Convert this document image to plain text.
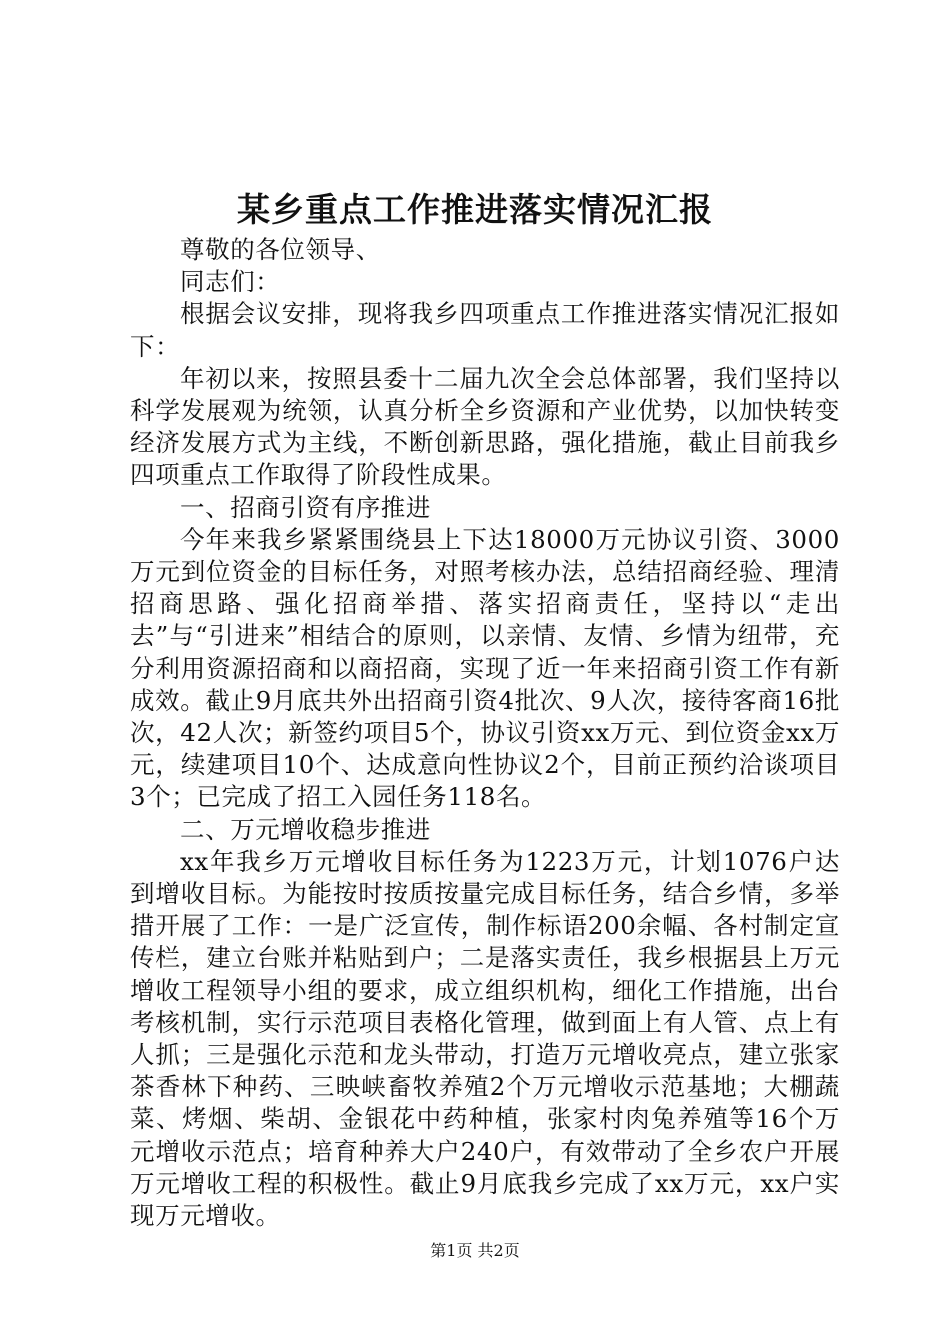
某乡重点工作推进落实情况汇报

尊敬的各位领导、

同志们：

根据会议安排，现将我乡四项重点工作推进落实情况汇报如下：

年初以来，按照县委十二届九次全会总体部署，我们坚持以科学发展观为统领，认真分析全乡资源和产业优势，以加快转变经济发展方式为主线，不断创新思路，强化措施，截止目前我乡四项重点工作取得了阶段性成果。

一、招商引资有序推进

今年来我乡紧紧围绕县上下达18000万元协议引资、3000万元到位资金的目标任务，对照考核办法，总结招商经验、理清招商思路、强化招商举措、落实招商责任，坚持以“走出去”与“引进来”相结合的原则，以亲情、友情、乡情为纽带，充分利用资源招商和以商招商，实现了近一年来招商引资工作有新成效。截止9月底共外出招商引资4批次、9人次，接待客商16批次，42人次；新签约项目5个，协议引资xx万元、到位资金xx万元，续建项目10个、达成意向性协议2个，目前正预约洽谈项目3个；已完成了招工入园任务118名。

二、万元增收稳步推进

xx年我乡万元增收目标任务为1223万元，计划1076户达到增收目标。为能按时按质按量完成目标任务，结合乡情，多举措开展了工作：一是广泛宣传，制作标语200余幅、各村制定宣传栏，建立台账并粘贴到户；二是落实责任，我乡根据县上万元增收工程领导小组的要求，成立组织机构，细化工作措施，出台考核机制，实行示范项目表格化管理，做到面上有人管、点上有人抓；三是强化示范和龙头带动，打造万元增收亮点，建立张家茶香林下种药、三映峡畜牧养殖2个万元增收示范基地；大棚蔬菜、烤烟、柴胡、金银花中药种植，张家村肉兔养殖等16个万元增收示范点；培育种养大户240户，有效带动了全乡农户开展万元增收工程的积极性。截止9月底我乡完成了xx万元，xx户实现万元增收。

第1页 共2页
